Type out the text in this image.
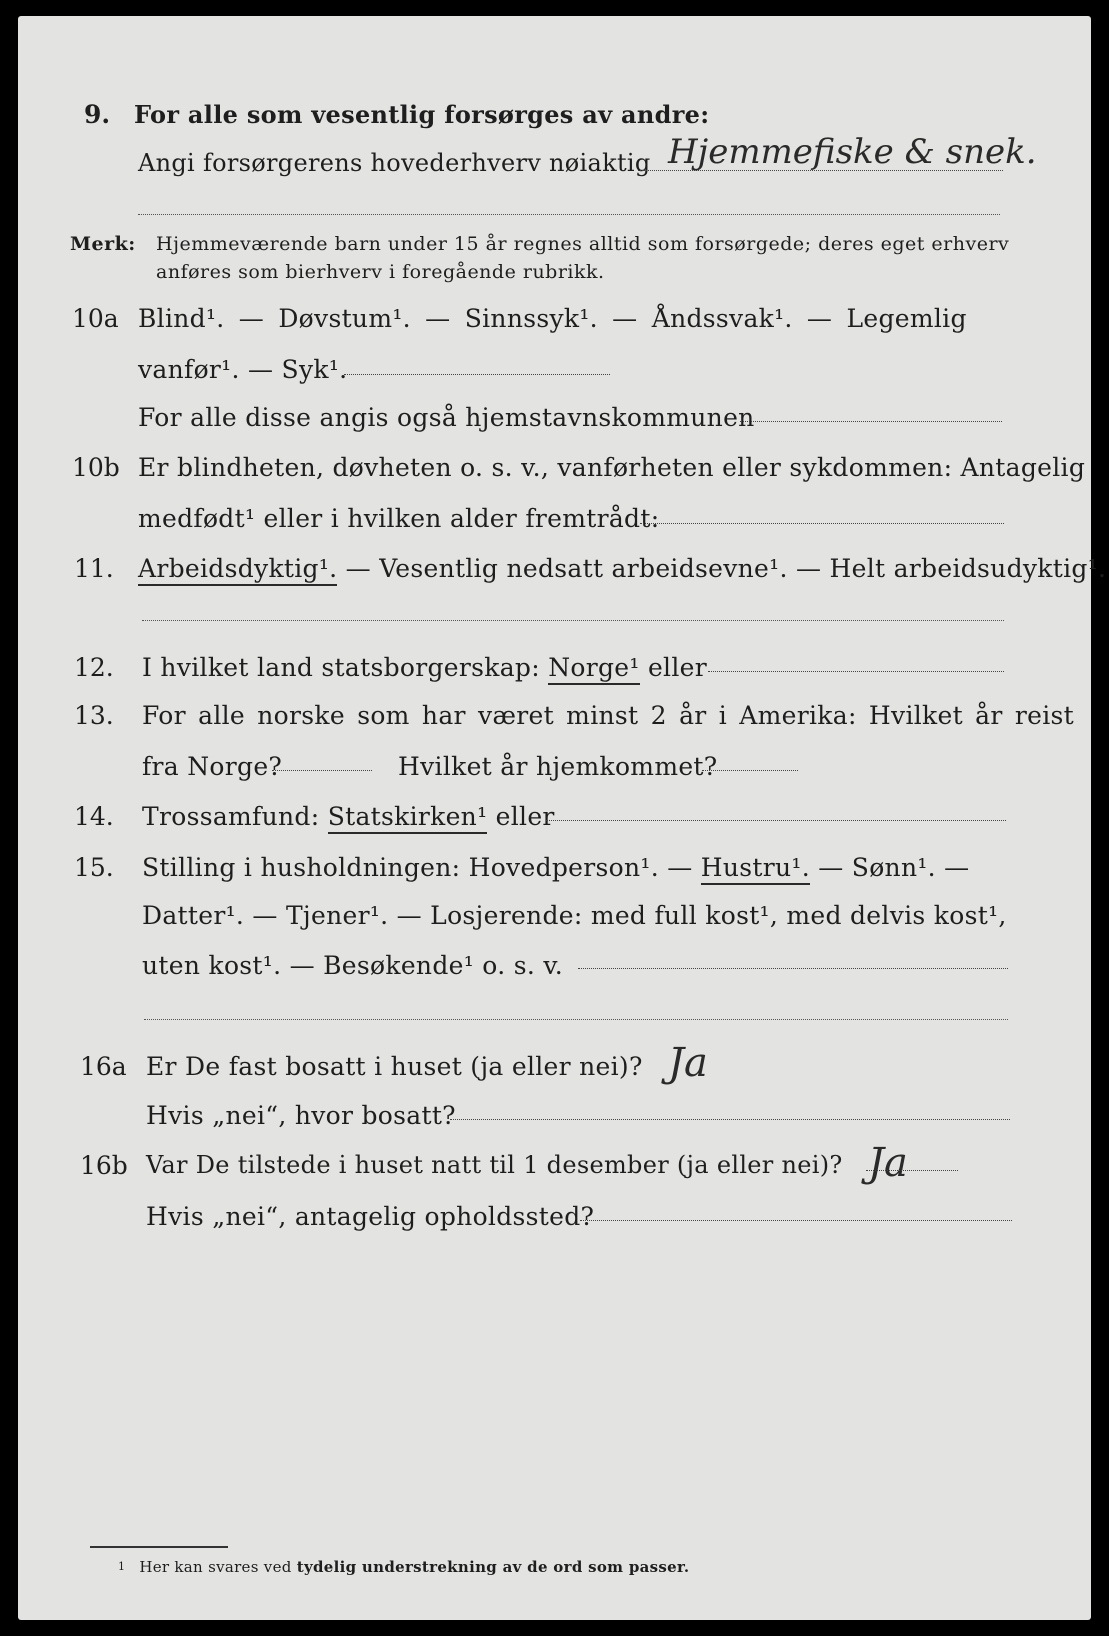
9. For alle som vesentlig forsørges av andre:
Angi forsørgerens hovederhverv nøiaktig Hjemmefiske & snek.
Merk: Hjemmeværende barn under 15 år regnes alltid som forsørgede; deres eget erhverv
anføres som bierhverv i foregående rubrikk.
10a Blind¹. — Døvstum¹. — Sinnssyk¹. — Åndssvak¹. — Legemlig
vanfør¹. — Syk¹.
For alle disse angis også hjemstavnskommunen
10b Er blindheten, døvheten o. s. v., vanførheten eller sykdommen: Antagelig
medfødt¹ eller i hvilken alder fremtrådt:
11. Arbeidsdyktig¹. — Vesentlig nedsatt arbeidsevne¹. — Helt arbeidsudyktig¹.
12. I hvilket land statsborgerskap: Norge¹ eller
13. For alle norske som har været minst 2 år i Amerika: Hvilket år reist
fra Norge?	Hvilket år hjemkommet?
14. Trossamfund: Statskirken¹ eller
15. Stilling i husholdningen: Hovedperson¹. — Hustru¹. — Sønn¹. —
Datter¹. — Tjener¹. — Losjerende: med full kost¹, med delvis kost¹,
uten kost¹. — Besøkende¹ o. s. v.
16a Er De fast bosatt i huset (ja eller nei)? Ja
Hvis „nei“, hvor bosatt?
16b Var De tilstede i huset natt til 1 desember (ja eller nei)? Ja
Hvis „nei“, antagelig opholdssted?
1 Her kan svares ved tydelig understrekning av de ord som passer.
